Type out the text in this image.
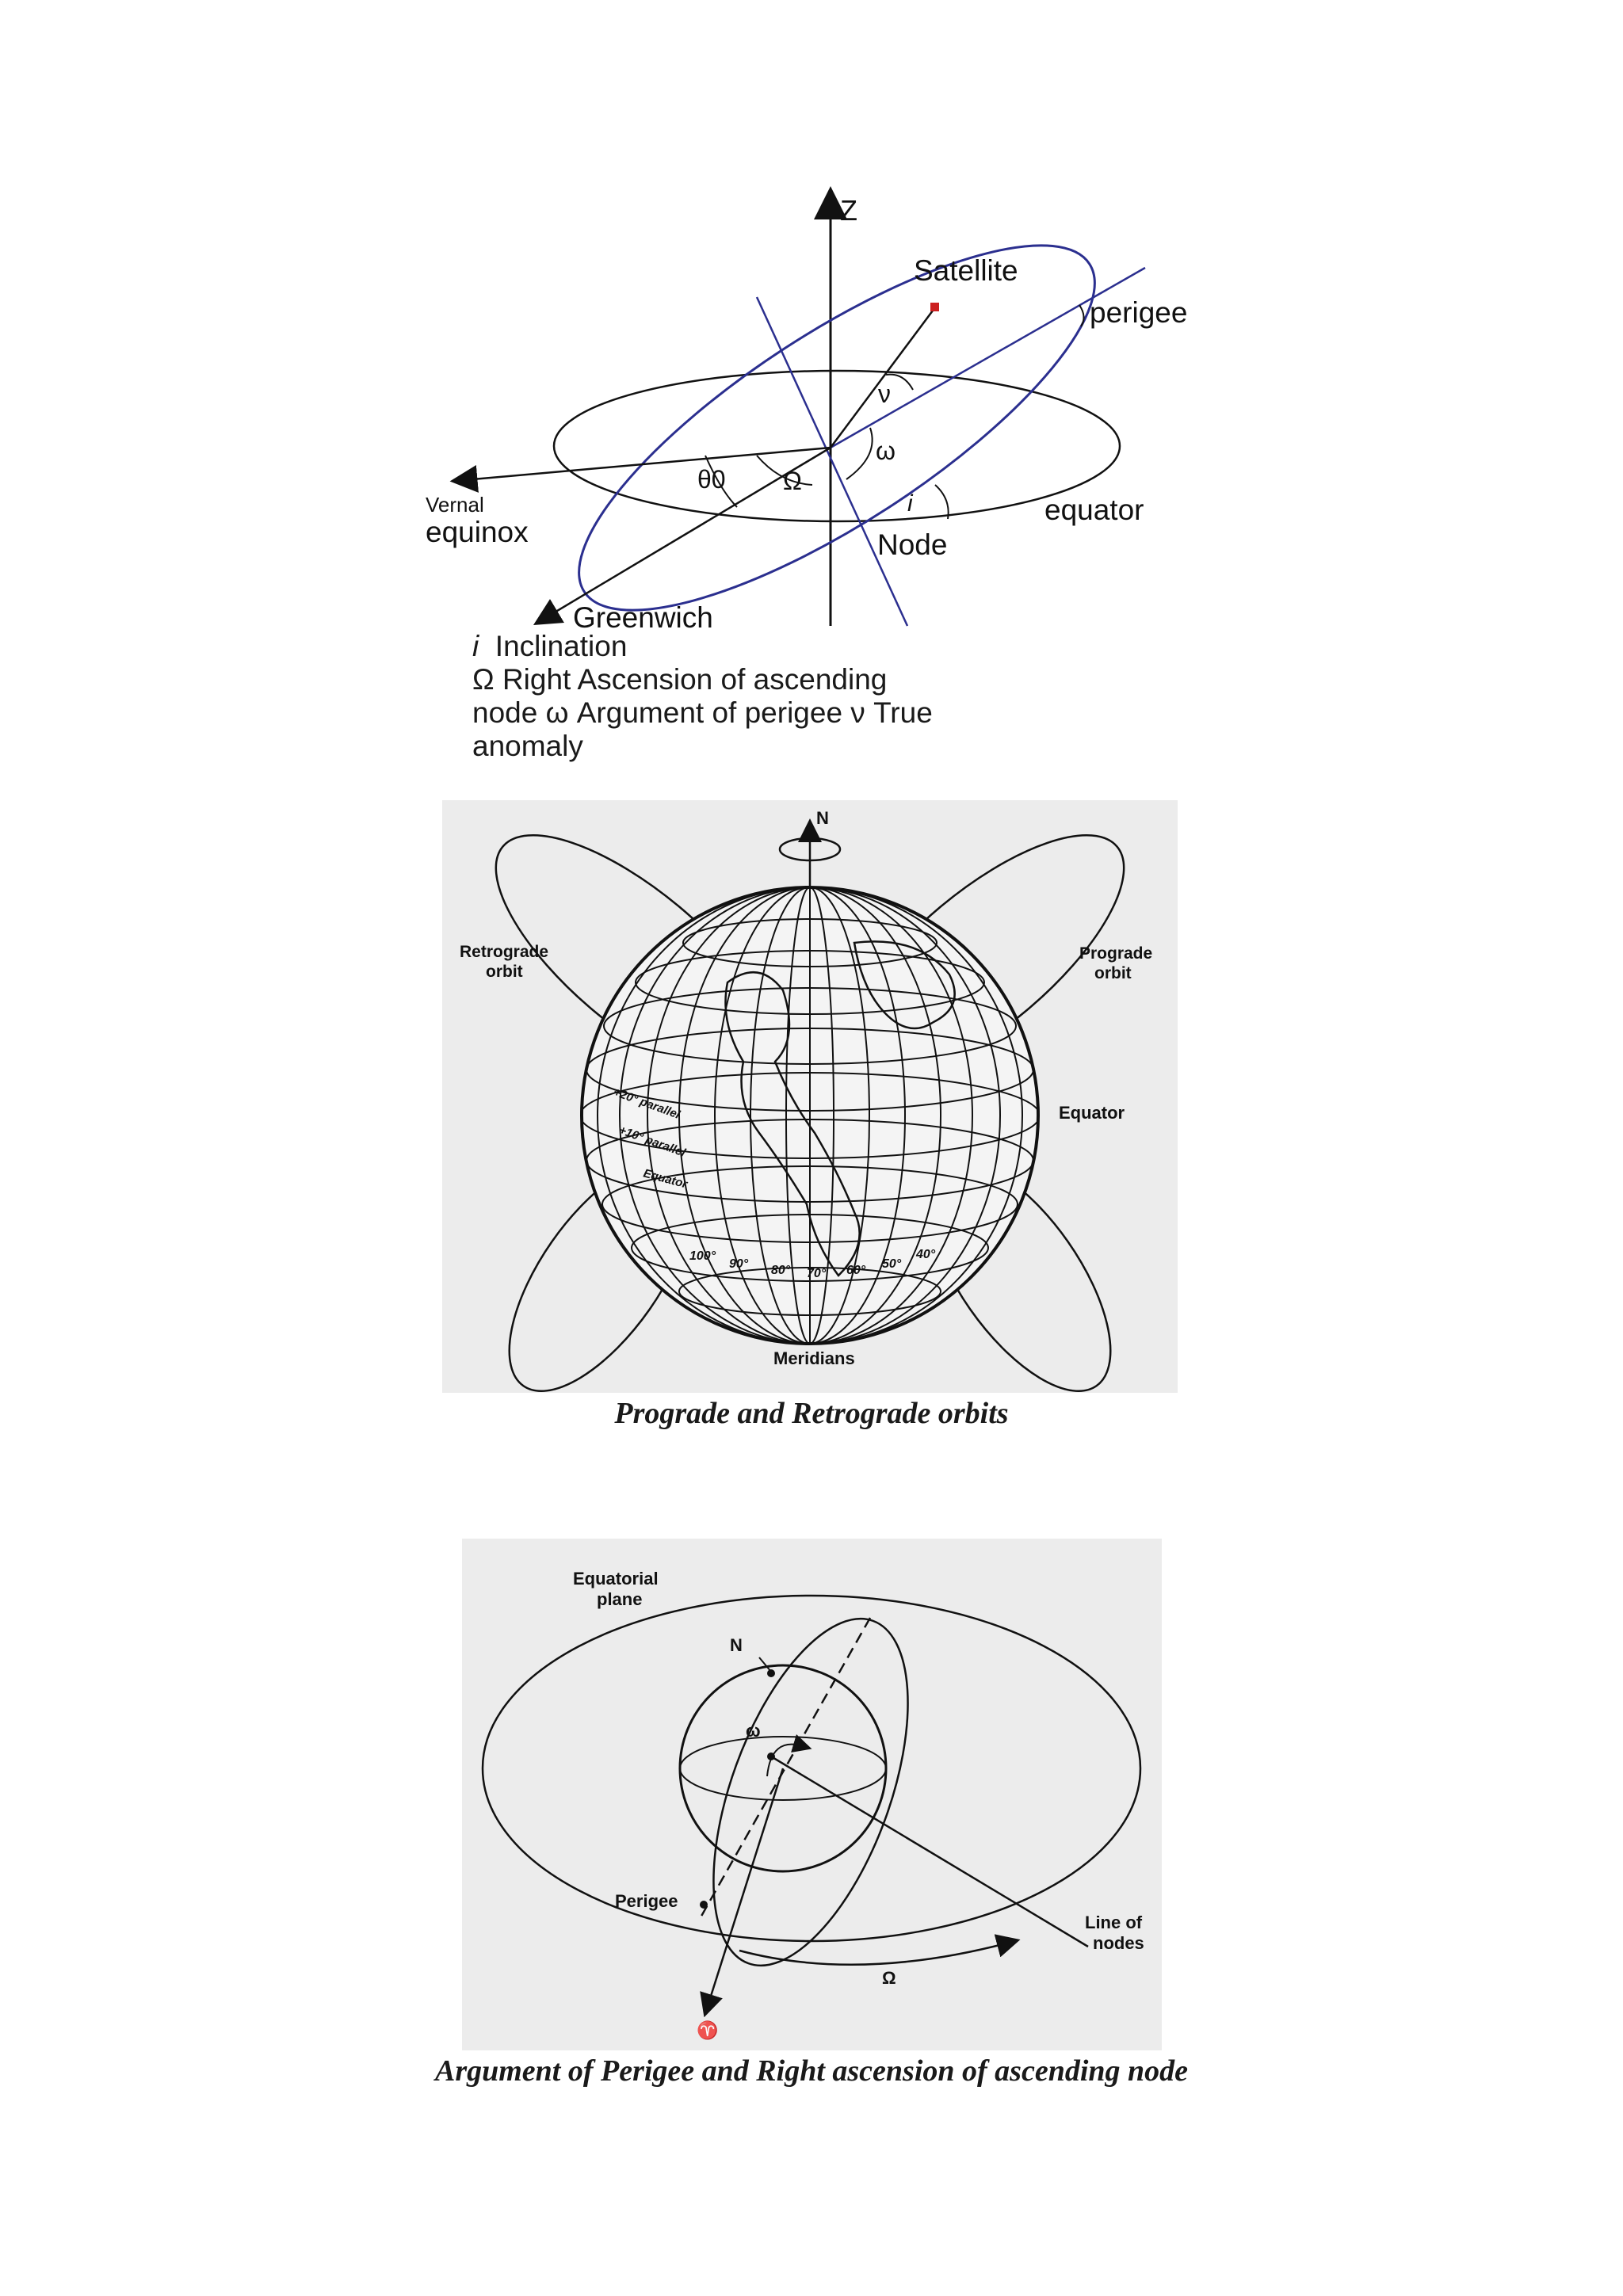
Z
Satellite
perigee
ν
ω
θ0 Ω
i
Vernal
equinox
equator
Node
Greenwich
i Inclination
Ω Right Ascension of ascending
node ω Argument of perigee ν True
anomaly
N
Retrograde
orbit
Prograde
orbit
Equator
Meridians
+20° parallel
+10° parallel
Equator
100°
90° 80° 70° 60° 50°
40°
Prograde and Retrograde orbits
Equatorial
plane
N
ω
Perigee
Line of
nodes
Ω
♈
Argument of Perigee and Right ascension of ascending node
